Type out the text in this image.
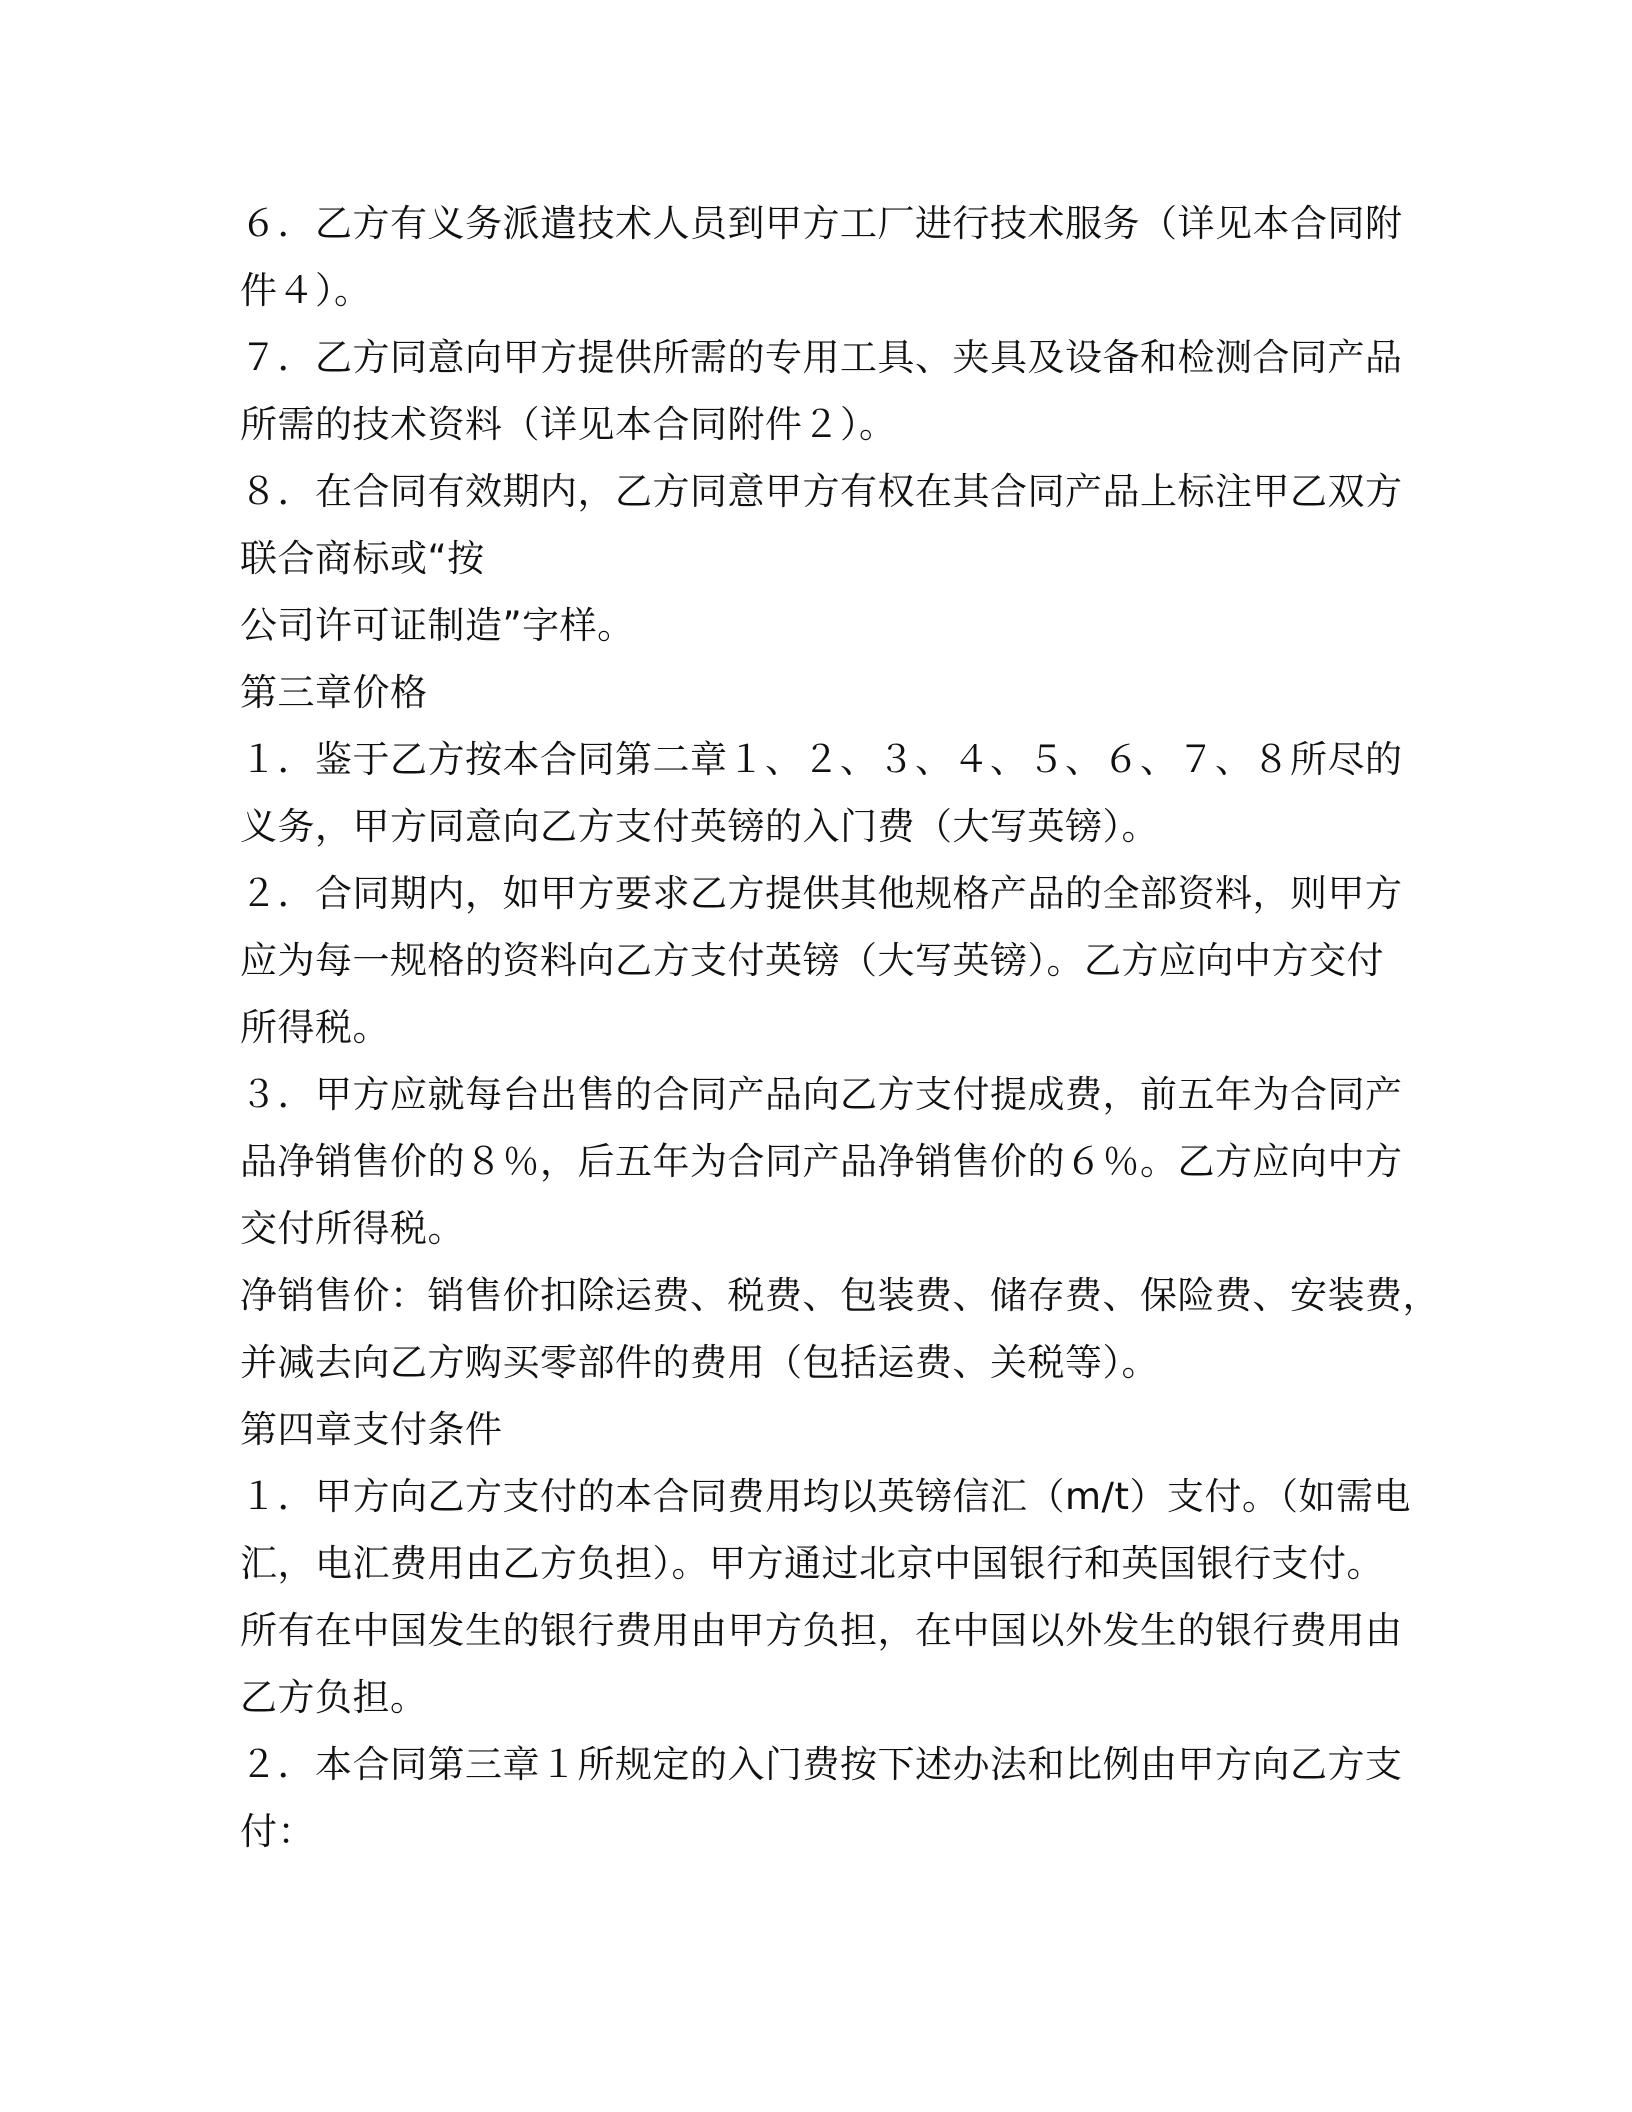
６．乙方有义务派遣技术人员到甲方工厂进行技术服务（详见本合同附
件４）。
７．乙方同意向甲方提供所需的专用工具、夹具及设备和检测合同产品
所需的技术资料（详见本合同附件２）。
８．在合同有效期内，乙方同意甲方有权在其合同产品上标注甲乙双方
联合商标或“按
公司许可证制造”字样。
第三章价格
１．鉴于乙方按本合同第二章１、２、３、４、５、６、７、８所尽的
义务，甲方同意向乙方支付英镑的入门费（大写英镑）。
２．合同期内，如甲方要求乙方提供其他规格产品的全部资料，则甲方
应为每一规格的资料向乙方支付英镑（大写英镑）。乙方应向中方交付
所得税。
３．甲方应就每台出售的合同产品向乙方支付提成费，前五年为合同产
品净销售价的８％，后五年为合同产品净销售价的６％。乙方应向中方
交付所得税。
净销售价：销售价扣除运费、税费、包装费、储存费、保险费、安装费，
并减去向乙方购买零部件的费用（包括运费、关税等）。
第四章支付条件
１．甲方向乙方支付的本合同费用均以英镑信汇（m/t）支付。（如需电
汇，电汇费用由乙方负担）。甲方通过北京中国银行和英国银行支付。
所有在中国发生的银行费用由甲方负担，在中国以外发生的银行费用由
乙方负担。
２．本合同第三章１所规定的入门费按下述办法和比例由甲方向乙方支
付：
